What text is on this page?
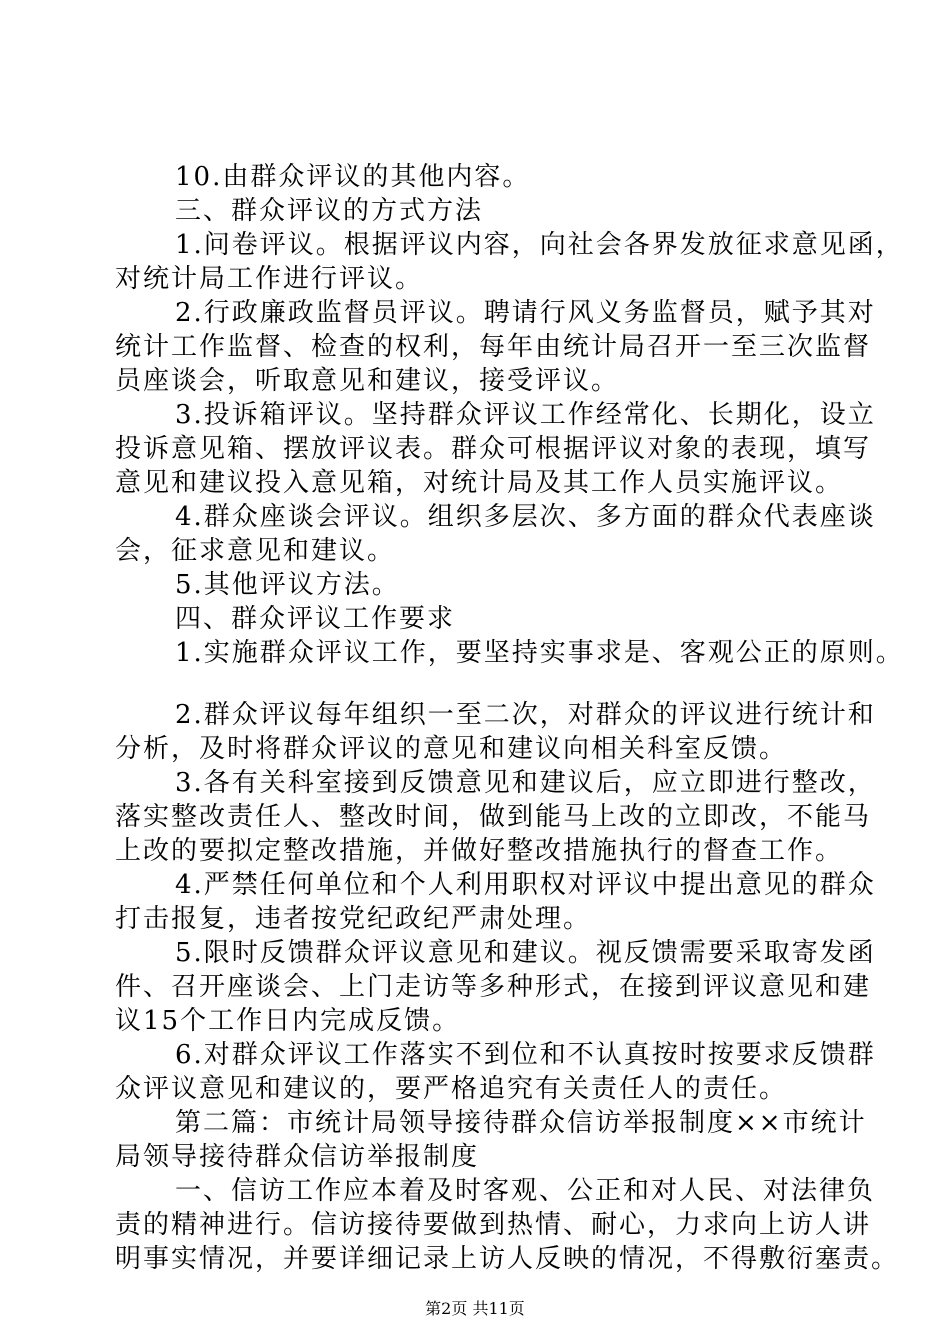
10.由群众评议的其他内容。

三、群众评议的方式方法

1.问卷评议。根据评议内容，向社会各界发放征求意见函，

对统计局工作进行评议。

2.行政廉政监督员评议。聘请行风义务监督员，赋予其对

统计工作监督、检查的权利，每年由统计局召开一至三次监督

员座谈会，听取意见和建议，接受评议。

3.投诉箱评议。坚持群众评议工作经常化、长期化，设立

投诉意见箱、摆放评议表。群众可根据评议对象的表现，填写

意见和建议投入意见箱，对统计局及其工作人员实施评议。

4.群众座谈会评议。组织多层次、多方面的群众代表座谈

会，征求意见和建议。

5.其他评议方法。

四、群众评议工作要求

1.实施群众评议工作，要坚持实事求是、客观公正的原则。

2.群众评议每年组织一至二次，对群众的评议进行统计和

分析，及时将群众评议的意见和建议向相关科室反馈。

3.各有关科室接到反馈意见和建议后，应立即进行整改，

落实整改责任人、整改时间，做到能马上改的立即改，不能马

上改的要拟定整改措施，并做好整改措施执行的督查工作。

4.严禁任何单位和个人利用职权对评议中提出意见的群众

打击报复，违者按党纪政纪严肃处理。

5.限时反馈群众评议意见和建议。视反馈需要采取寄发函

件、召开座谈会、上门走访等多种形式，在接到评议意见和建

议15个工作日内完成反馈。

6.对群众评议工作落实不到位和不认真按时按要求反馈群

众评议意见和建议的，要严格追究有关责任人的责任。

第二篇：市统计局领导接待群众信访举报制度××市统计

局领导接待群众信访举报制度

一、信访工作应本着及时客观、公正和对人民、对法律负

责的精神进行。信访接待要做到热情、耐心，力求向上访人讲

明事实情况，并要详细记录上访人反映的情况，不得敷衍塞责。

第2页 共11页
